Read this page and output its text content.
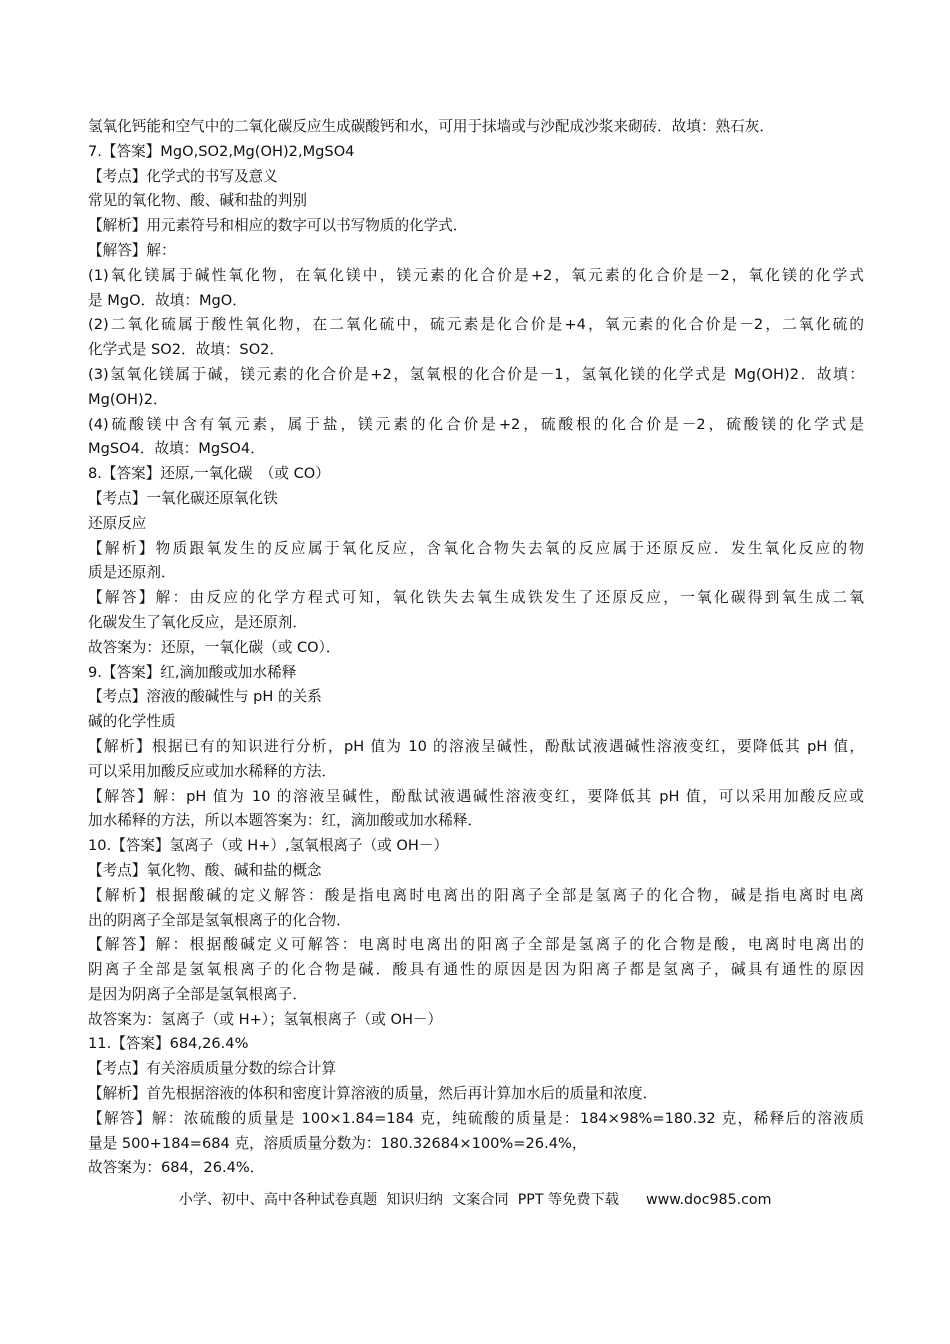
氢氧化钙能和空气中的二氧化碳反应生成碳酸钙和水，可用于抹墙或与沙配成沙浆来砌砖．故填：熟石灰．
7.【答案】MgO,SO2,Mg(OH)2,MgSO4
【考点】化学式的书写及意义
常见的氧化物、酸、碱和盐的判别
【解析】用元素符号和相应的数字可以书写物质的化学式．
【解答】解：
(1)氧化镁属于碱性氧化物，在氧化镁中，镁元素的化合价是+2，氧元素的化合价是－2，氧化镁的化学式
是 MgO．故填：MgO．
(2)二氧化硫属于酸性氧化物，在二氧化硫中，硫元素是化合价是+4，氧元素的化合价是－2，二氧化硫的
化学式是 SO2．故填：SO2．
(3)氢氧化镁属于碱，镁元素的化合价是+2，氢氧根的化合价是－1，氢氧化镁的化学式是 Mg(OH)2．故填：
Mg(OH)2．
(4)硫酸镁中含有氧元素，属于盐，镁元素的化合价是+2，硫酸根的化合价是－2，硫酸镁的化学式是
MgSO4．故填：MgSO4．
8.【答案】还原,一氧化碳　（或 CO）
【考点】一氧化碳还原氧化铁
还原反应
【解析】物质跟氧发生的反应属于氧化反应，含氧化合物失去氧的反应属于还原反应．发生氧化反应的物
质是还原剂．
【解答】解：由反应的化学方程式可知，氧化铁失去氧生成铁发生了还原反应，一氧化碳得到氧生成二氧
化碳发生了氧化反应，是还原剂．
故答案为：还原，一氧化碳（或 CO）．
9.【答案】红,滴加酸或加水稀释
【考点】溶液的酸碱性与 pH 的关系
碱的化学性质
【解析】根据已有的知识进行分析，pH 值为 10 的溶液呈碱性，酚酞试液遇碱性溶液变红，要降低其 pH 值，
可以采用加酸反应或加水稀释的方法．
【解答】解：pH 值为 10 的溶液呈碱性，酚酞试液遇碱性溶液变红，要降低其 pH 值，可以采用加酸反应或
加水稀释的方法，所以本题答案为：红，滴加酸或加水稀释．
10.【答案】氢离子（或 H+）,氢氧根离子（或 OH－）
【考点】氧化物、酸、碱和盐的概念
【解析】根据酸碱的定义解答：酸是指电离时电离出的阳离子全部是氢离子的化合物，碱是指电离时电离
出的阴离子全部是氢氧根离子的化合物．
【解答】解：根据酸碱定义可解答：电离时电离出的阳离子全部是氢离子的化合物是酸，电离时电离出的
阴离子全部是氢氧根离子的化合物是碱．酸具有通性的原因是因为阳离子都是氢离子，碱具有通性的原因
是因为阴离子全部是氢氧根离子．
故答案为：氢离子（或 H+）；氢氧根离子（或 OH－）
11.【答案】684,26.4%
【考点】有关溶质质量分数的综合计算
【解析】首先根据溶液的体积和密度计算溶液的质量，然后再计算加水后的质量和浓度．
【解答】解：浓硫酸的质量是 100×1.84=184 克，纯硫酸的质量是：184×98%=180.32 克，稀释后的溶液质
量是 500+184=684 克，溶质质量分数为：180.32684×100%=26.4%，
故答案为：684，26.4%．
小学、初中、高中各种试卷真题  知识归纳  文案合同  PPT 等免费下载      www.doc985.com
